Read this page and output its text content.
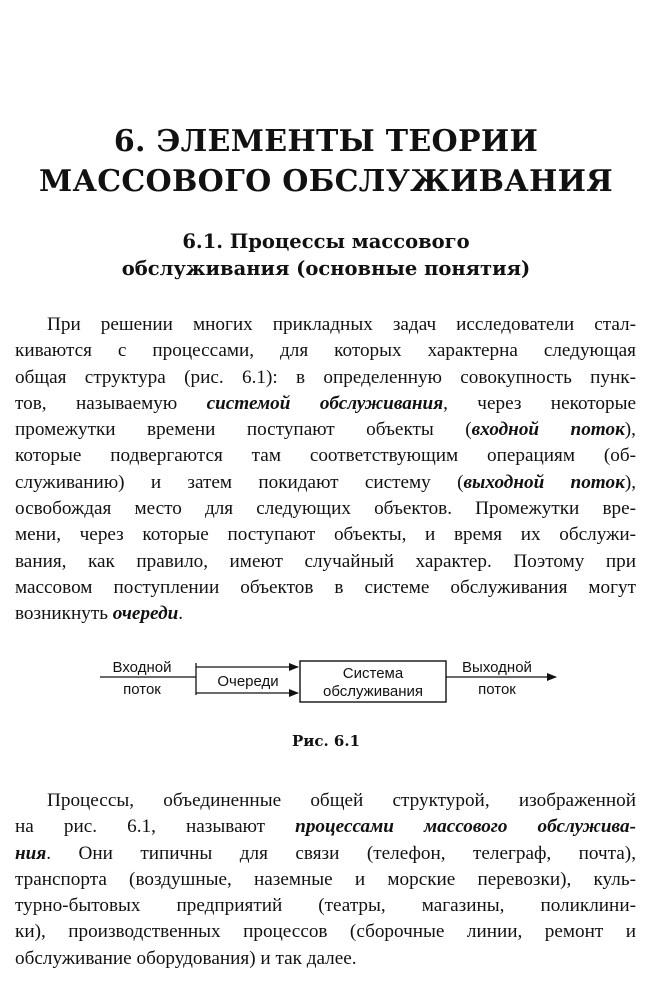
6. ЭЛЕМЕНТЫ ТЕОРИИ
МАССОВОГО ОБСЛУЖИВАНИЯ
6.1. Процессы массового
обслуживания (основные понятия)
При решении многих прикладных задач исследователи стал-
киваются с процессами, для которых характерна следующая
общая структура (рис. 6.1): в определенную совокупность пунк-
тов, называемую системой обслуживания, через некоторые
промежутки времени поступают объекты (входной поток),
которые подвергаются там соответствующим операциям (об-
служиванию) и затем покидают систему (выходной поток),
освобождая место для следующих объектов. Промежутки вре-
мени, через которые поступают объекты, и время их обслужи-
вания, как правило, имеют случайный характер. Поэтому при
массовом поступлении объектов в системе обслуживания могут
возникнуть очереди.
Входной
поток	Очереди	Система
обслуживания
Выходной
поток
Рис. 6.1
Процессы, объединенные общей структурой, изображенной
на рис. 6.1, называют процессами массового обслужива-
ния. Они типичны для связи (телефон, телеграф, почта),
транспорта (воздушные, наземные и морские перевозки), куль-
турно-бытовых предприятий (театры, магазины, поликлини-
ки), производственных процессов (сборочные линии, ремонт и
обслуживание оборудования) и так далее.
